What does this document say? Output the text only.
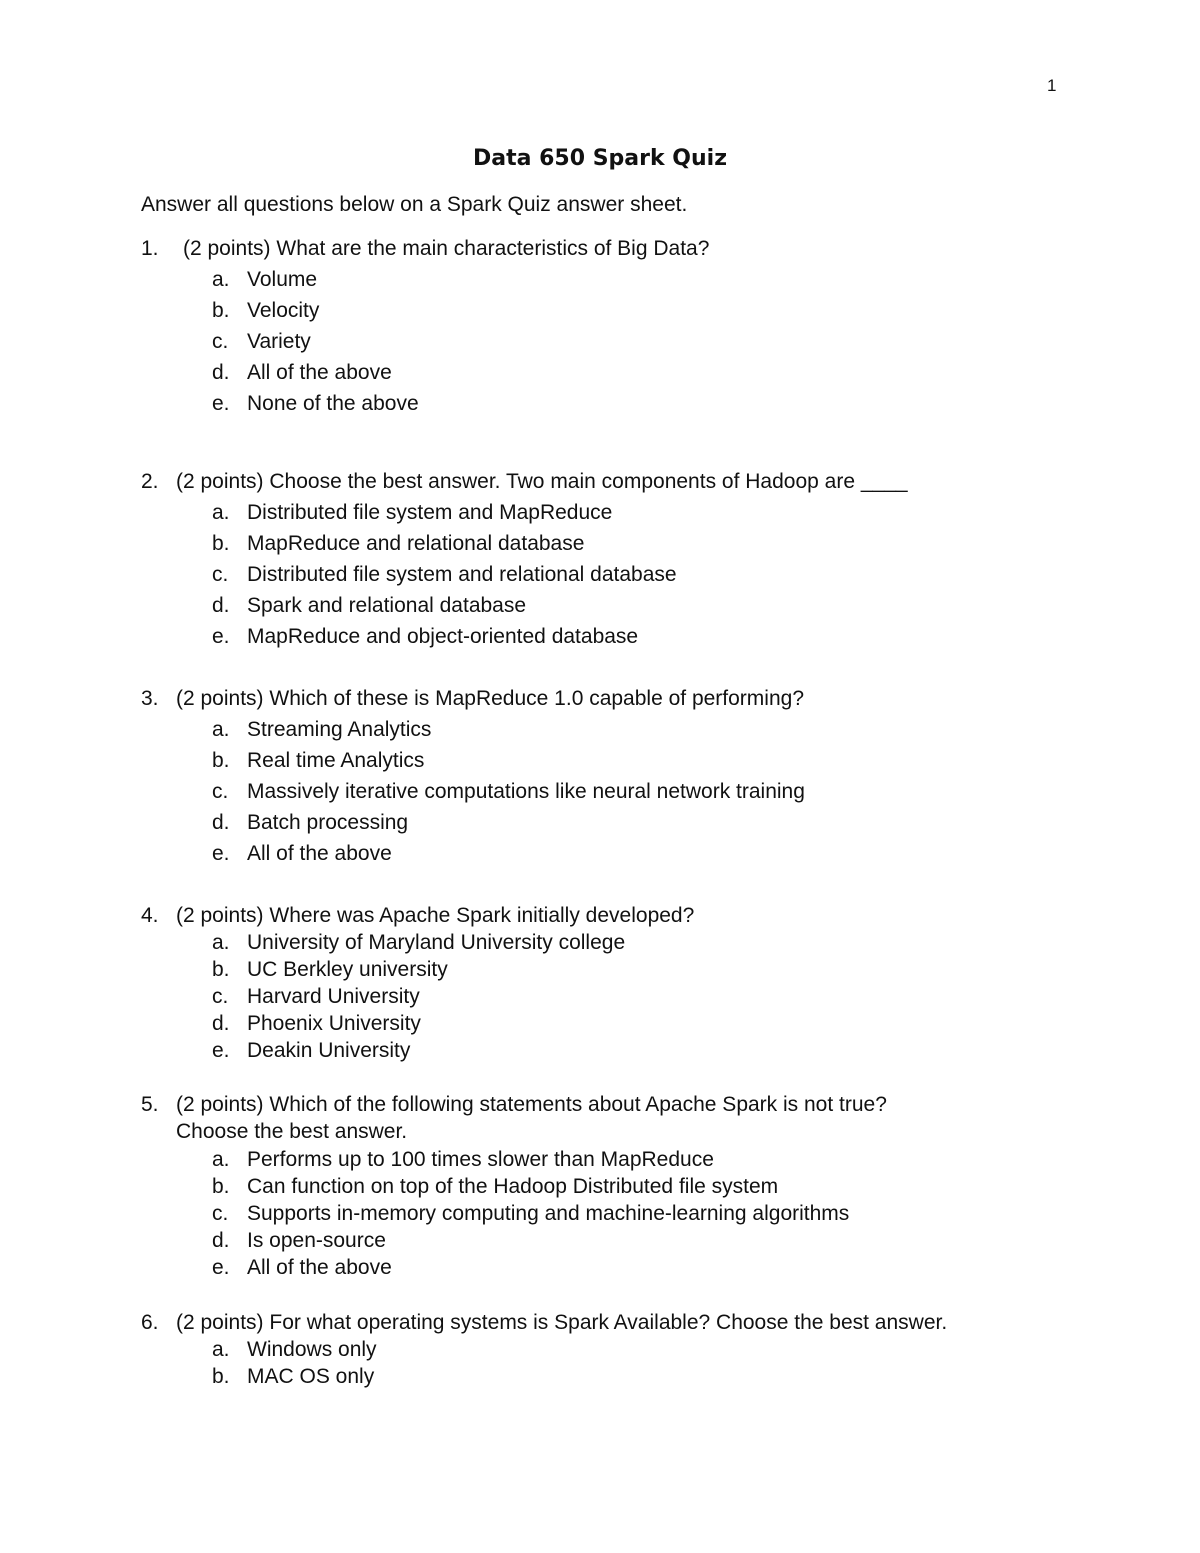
1
Data 650 Spark Quiz
Answer all questions below on a Spark Quiz answer sheet.
1. (2 points) What are the main characteristics of Big Data?
a. Volume
b. Velocity
c. Variety
d. All of the above
e. None of the above
2. (2 points) Choose the best answer. Two main components of Hadoop are ____
a. Distributed file system and MapReduce
b. MapReduce and relational database
c. Distributed file system and relational database
d. Spark and relational database
e. MapReduce and object-oriented database
3. (2 points) Which of these is MapReduce 1.0 capable of performing?
a. Streaming Analytics
b. Real time Analytics
c. Massively iterative computations like neural network training
d. Batch processing
e. All of the above
4. (2 points) Where was Apache Spark initially developed?
a. University of Maryland University college
b. UC Berkley university
c. Harvard University
d. Phoenix University
e. Deakin University
5. (2 points) Which of the following statements about Apache Spark is not true?
Choose the best answer.
a. Performs up to 100 times slower than MapReduce
b. Can function on top of the Hadoop Distributed file system
c. Supports in-memory computing and machine-learning algorithms
d. Is open-source
e. All of the above
6. (2 points) For what operating systems is Spark Available? Choose the best answer.
a. Windows only
b. MAC OS only
